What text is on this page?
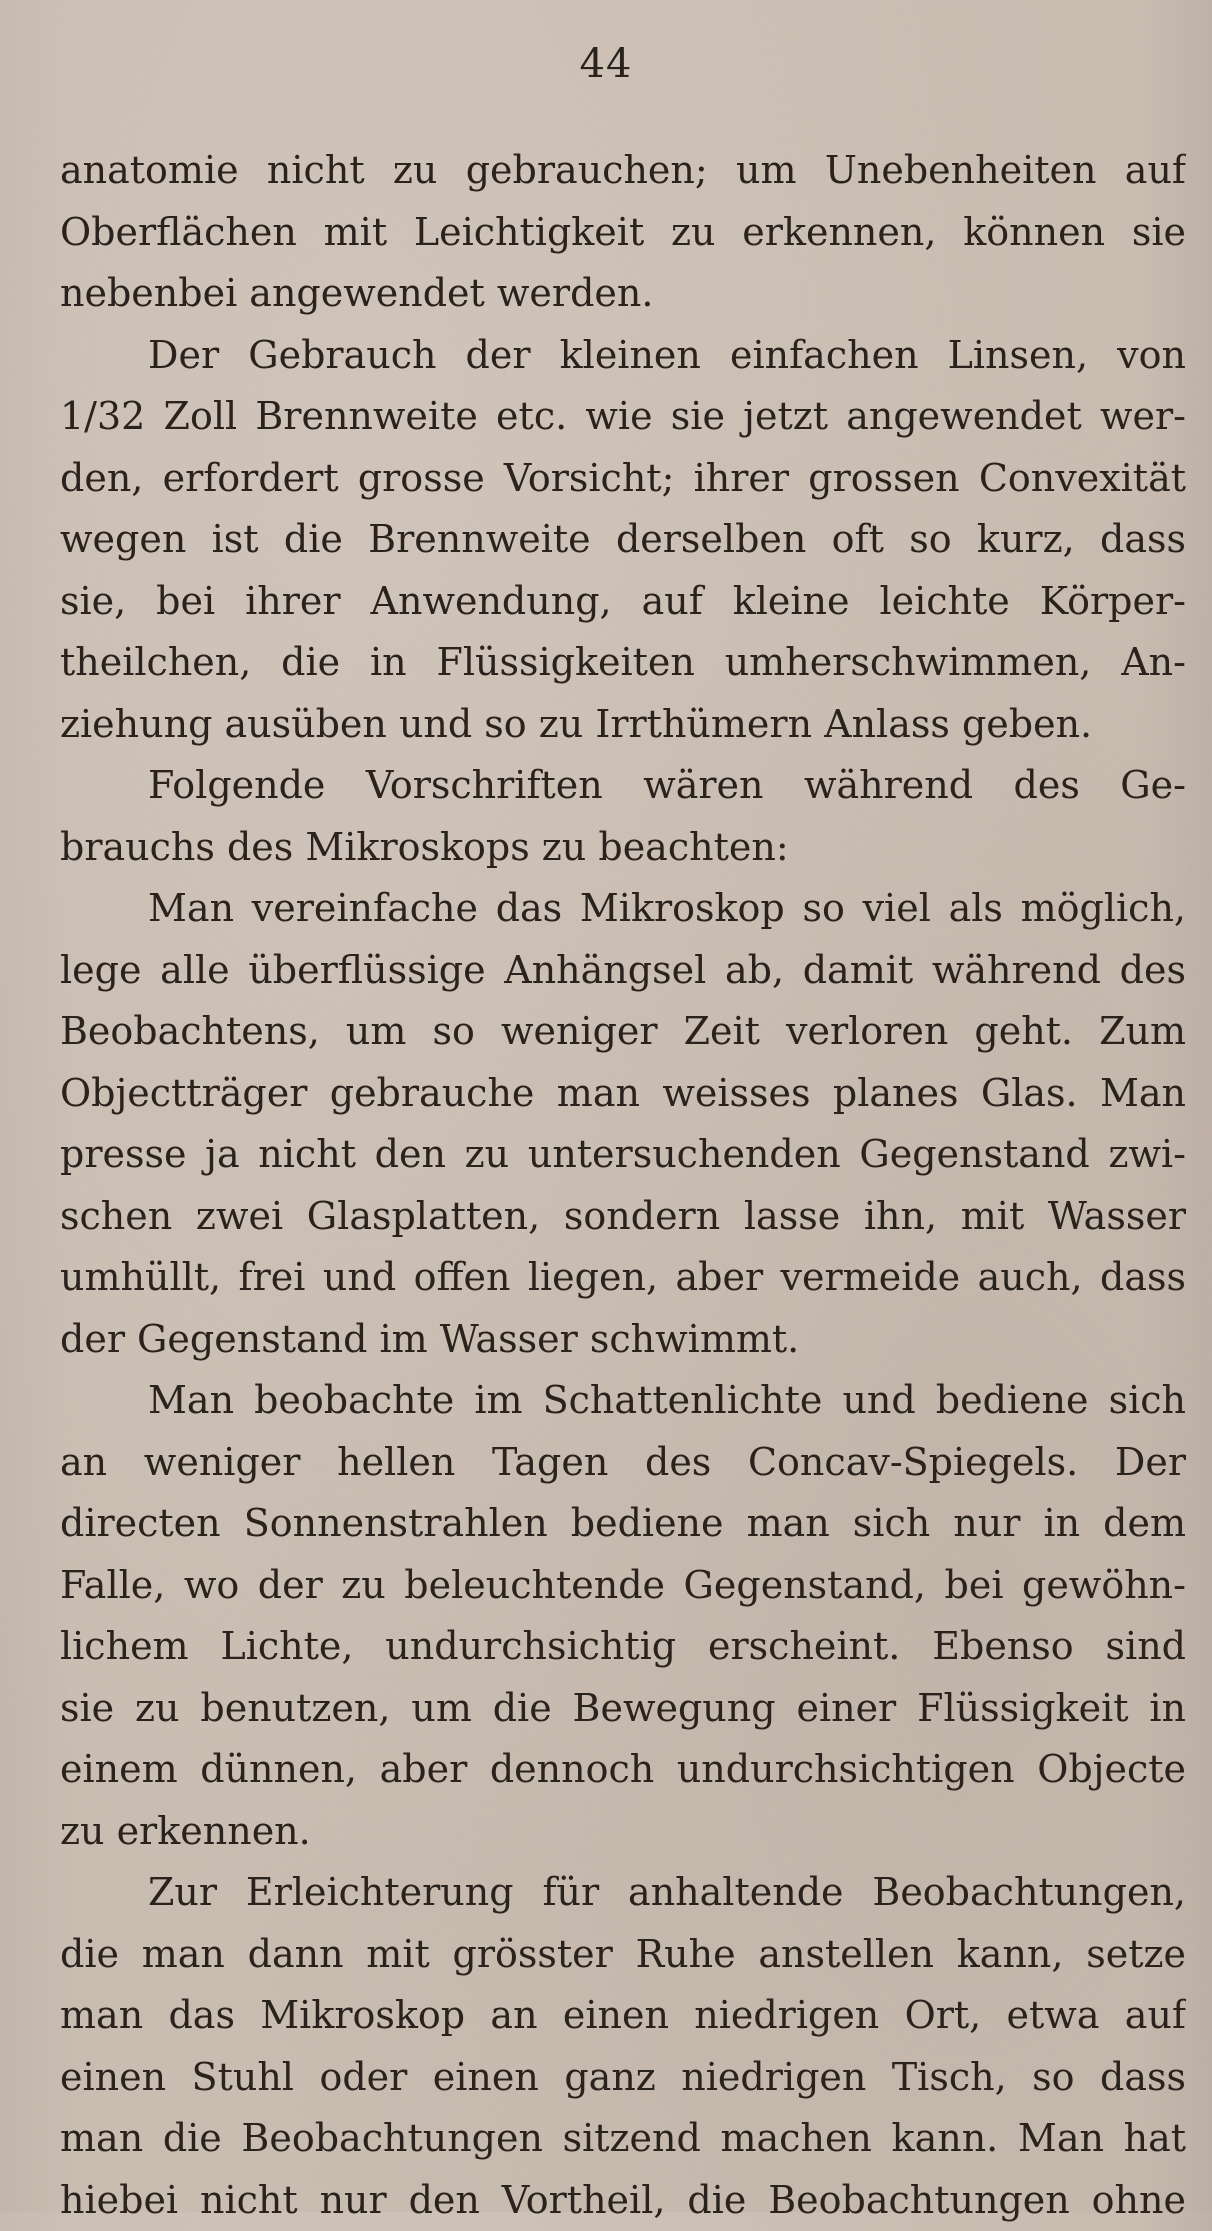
44
anatomie nicht zu gebrauchen; um Unebenheiten auf
Oberflächen mit Leichtigkeit zu erkennen, können sie
nebenbei angewendet werden.
Der Gebrauch der kleinen einfachen Linsen, von
1/32 Zoll Brennweite etc. wie sie jetzt angewendet wer-
den, erfordert grosse Vorsicht; ihrer grossen Convexität
wegen ist die Brennweite derselben oft so kurz, dass
sie, bei ihrer Anwendung, auf kleine leichte Körper-
theilchen, die in Flüssigkeiten umherschwimmen, An-
ziehung ausüben und so zu Irrthümern Anlass geben.
Folgende Vorschriften wären während des Ge-
brauchs des Mikroskops zu beachten:
Man vereinfache das Mikroskop so viel als möglich,
lege alle überflüssige Anhängsel ab, damit während des
Beobachtens, um so weniger Zeit verloren geht. Zum
Objectträger gebrauche man weisses planes Glas. Man
presse ja nicht den zu untersuchenden Gegenstand zwi-
schen zwei Glasplatten, sondern lasse ihn, mit Wasser
umhüllt, frei und offen liegen, aber vermeide auch, dass
der Gegenstand im Wasser schwimmt.
Man beobachte im Schattenlichte und bediene sich
an weniger hellen Tagen des Concav-Spiegels. Der
directen Sonnenstrahlen bediene man sich nur in dem
Falle, wo der zu beleuchtende Gegenstand, bei gewöhn-
lichem Lichte, undurchsichtig erscheint. Ebenso sind
sie zu benutzen, um die Bewegung einer Flüssigkeit in
einem dünnen, aber dennoch undurchsichtigen Objecte
zu erkennen.
Zur Erleichterung für anhaltende Beobachtungen,
die man dann mit grösster Ruhe anstellen kann, setze
man das Mikroskop an einen niedrigen Ort, etwa auf
einen Stuhl oder einen ganz niedrigen Tisch, so dass
man die Beobachtungen sitzend machen kann. Man hat
hiebei nicht nur den Vortheil, die Beobachtungen ohne
